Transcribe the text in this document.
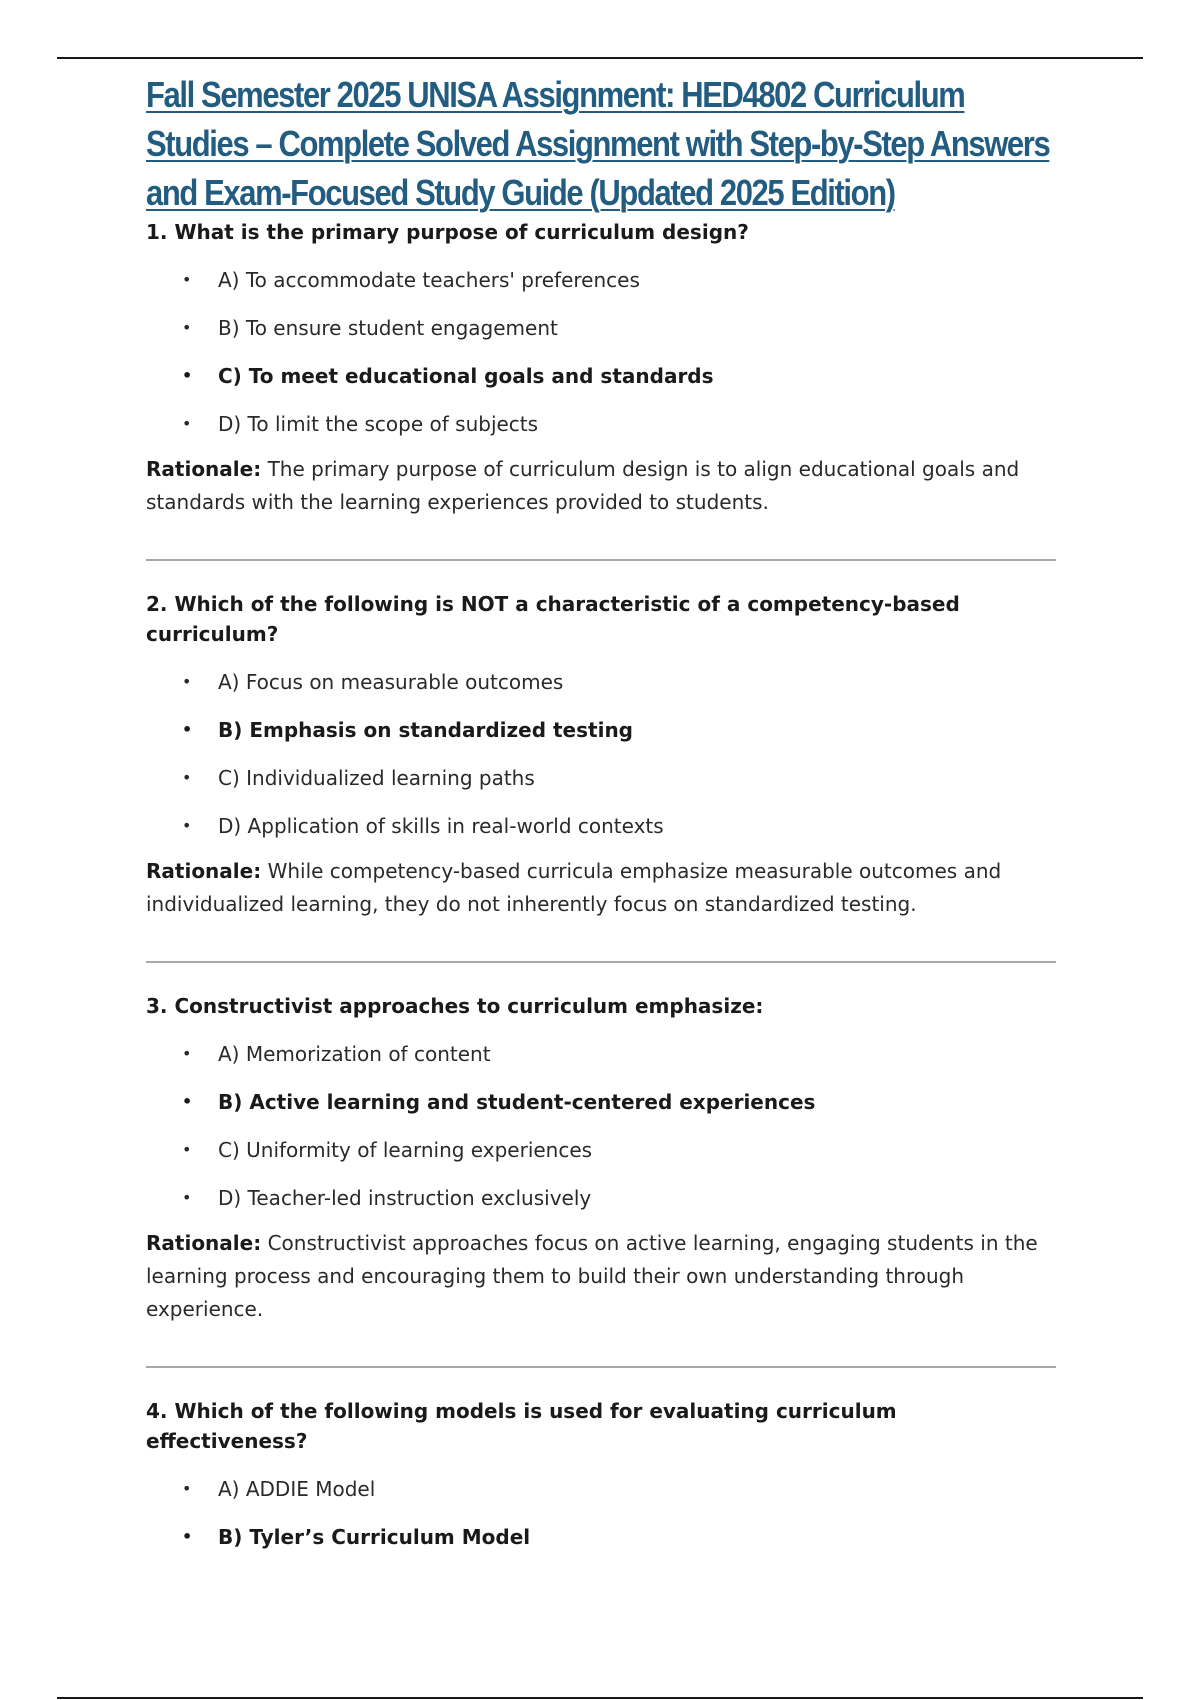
Fall Semester 2025 UNISA Assignment: HED4802 Curriculum Studies – Complete Solved Assignment with Step-by-Step Answers and Exam-Focused Study Guide (Updated 2025 Edition)

1. What is the primary purpose of curriculum design?

• A) To accommodate teachers' preferences
• B) To ensure student engagement
• C) To meet educational goals and standards
• D) To limit the scope of subjects

Rationale: The primary purpose of curriculum design is to align educational goals and standards with the learning experiences provided to students.

2. Which of the following is NOT a characteristic of a competency-based curriculum?

• A) Focus on measurable outcomes
• B) Emphasis on standardized testing
• C) Individualized learning paths
• D) Application of skills in real-world contexts

Rationale: While competency-based curricula emphasize measurable outcomes and individualized learning, they do not inherently focus on standardized testing.

3. Constructivist approaches to curriculum emphasize:

• A) Memorization of content
• B) Active learning and student-centered experiences
• C) Uniformity of learning experiences
• D) Teacher-led instruction exclusively

Rationale: Constructivist approaches focus on active learning, engaging students in the learning process and encouraging them to build their own understanding through experience.

4. Which of the following models is used for evaluating curriculum effectiveness?

• A) ADDIE Model
• B) Tyler’s Curriculum Model
